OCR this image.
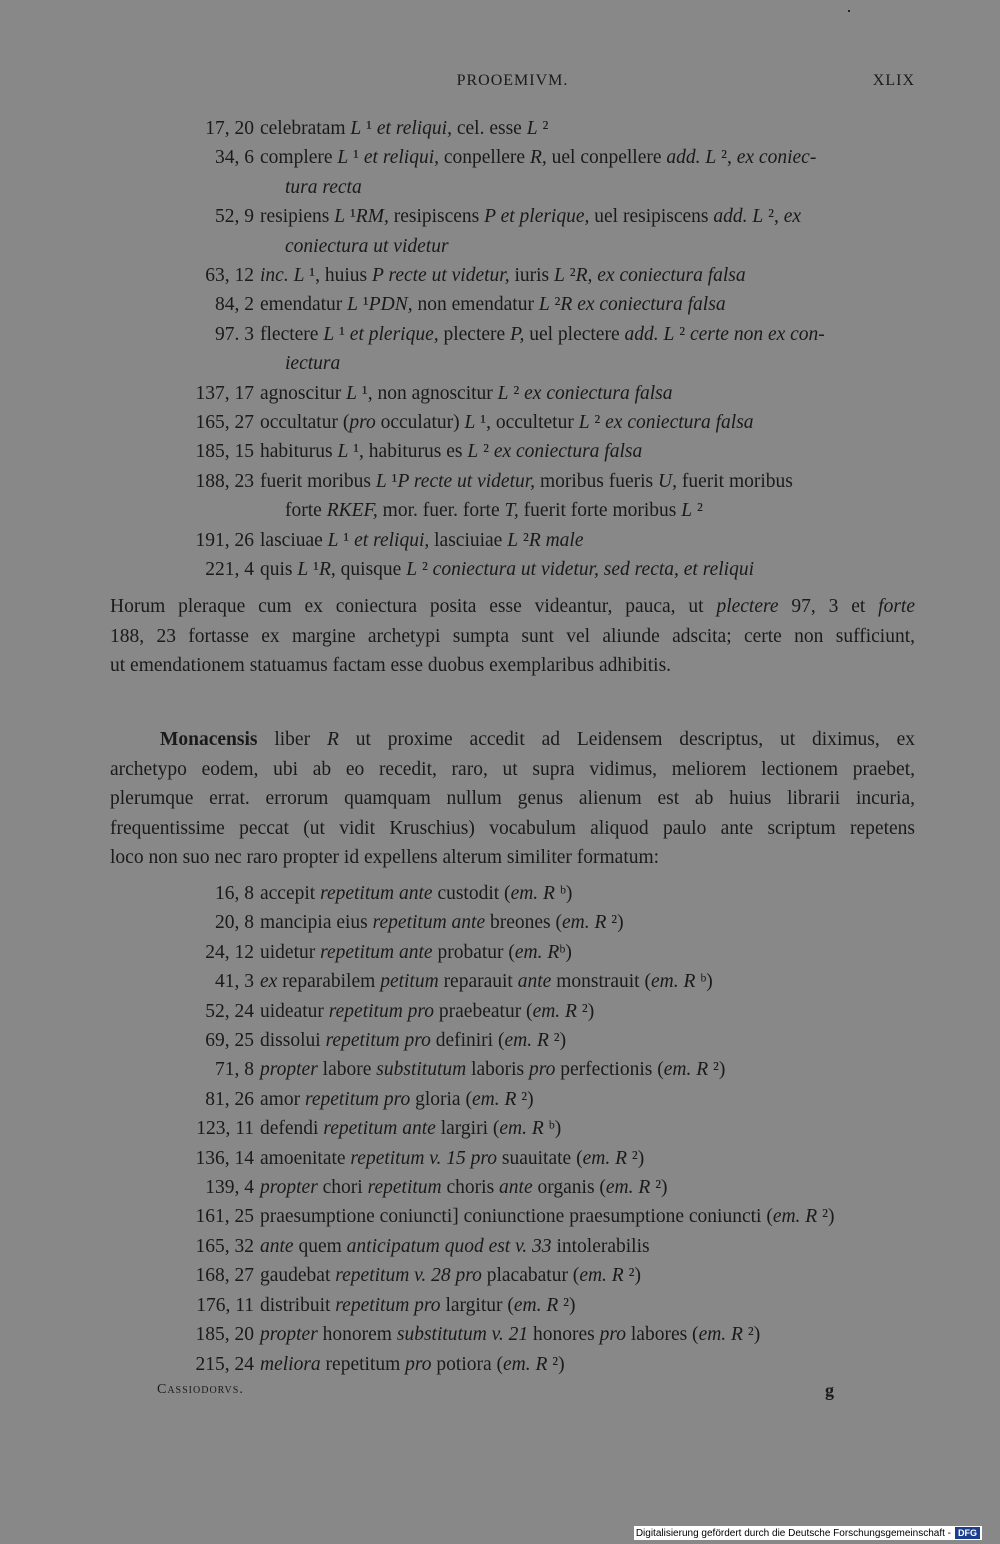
PROOEMIVM.	XLIX
17, 20 celebratam L ¹ et reliqui, cel. esse L ²
34, 6 complere L ¹ et reliqui, conpellere R, uel conpellere add. L ², ex coniec-
tura recta
52, 9 resipiens L ¹RM, resipiscens P et plerique, uel resipiscens add. L ², ex
coniectura ut videtur
63, 12 inc. L ¹, huius P recte ut videtur, iuris L ²R, ex coniectura falsa
84, 2 emendatur L ¹PDN, non emendatur L ²R ex coniectura falsa
97. 3 flectere L ¹ et plerique, plectere P, uel plectere add. L ² certe non ex con-
iectura
137, 17 agnoscitur L ¹, non agnoscitur L ² ex coniectura falsa
165, 27 occultatur (pro occulatur) L ¹, occultetur L ² ex coniectura falsa
185, 15 habiturus L ¹, habiturus es L ² ex coniectura falsa
188, 23 fuerit moribus L ¹P recte ut videtur, moribus fueris U, fuerit moribus
forte RKEF, mor. fuer. forte T, fuerit forte moribus L ²
191, 26 lasciuae L ¹ et reliqui, lasciuiae L ²R male
221, 4 quis L ¹R, quisque L ² coniectura ut videtur, sed recta, et reliqui
Horum pleraque cum ex coniectura posita esse videantur, pauca, ut plectere 97, 3 et forte
188, 23 fortasse ex margine archetypi sumpta sunt vel aliunde adscita; certe non sufficiunt,
ut emendationem statuamus factam esse duobus exemplaribus adhibitis.
Monacensis liber R ut proxime accedit ad Leidensem descriptus, ut diximus, ex
archetypo eodem, ubi ab eo recedit, raro, ut supra vidimus, meliorem lectionem praebet,
plerumque errat. errorum quamquam nullum genus alienum est ab huius librarii incuria,
frequentissime peccat (ut vidit Kruschius) vocabulum aliquod paulo ante scriptum repetens
loco non suo nec raro propter id expellens alterum similiter formatum:
16, 8 accepit repetitum ante custodit (em. R ᵇ)
20, 8 mancipia eius repetitum ante breones (em. R ²)
24, 12 uidetur repetitum ante probatur (em. Rᵇ)
41, 3 ex reparabilem petitum reparauit ante monstrauit (em. R ᵇ)
52, 24 uideatur repetitum pro praebeatur (em. R ²)
69, 25 dissolui repetitum pro definiri (em. R ²)
71, 8 propter labore substitutum laboris pro perfectionis (em. R ²)
81, 26 amor repetitum pro gloria (em. R ²)
123, 11 defendi repetitum ante largiri (em. R ᵇ)
136, 14 amoenitate repetitum v. 15 pro suauitate (em. R ²)
139, 4 propter chori repetitum choris ante organis (em. R ²)
161, 25 praesumptione coniuncti] coniunctione praesumptione coniuncti (em. R ²)
165, 32 ante quem anticipatum quod est v. 33 intolerabilis
168, 27 gaudebat repetitum v. 28 pro placabatur (em. R ²)
176, 11 distribuit repetitum pro largitur (em. R ²)
185, 20 propter honorem substitutum v. 21 honores pro labores (em. R ²)
215, 24 meliora repetitum pro potiora (em. R ²)
Cassiodorvs.	g
Digitalisierung gefördert durch die Deutsche Forschungsgemeinschaft - DFG
